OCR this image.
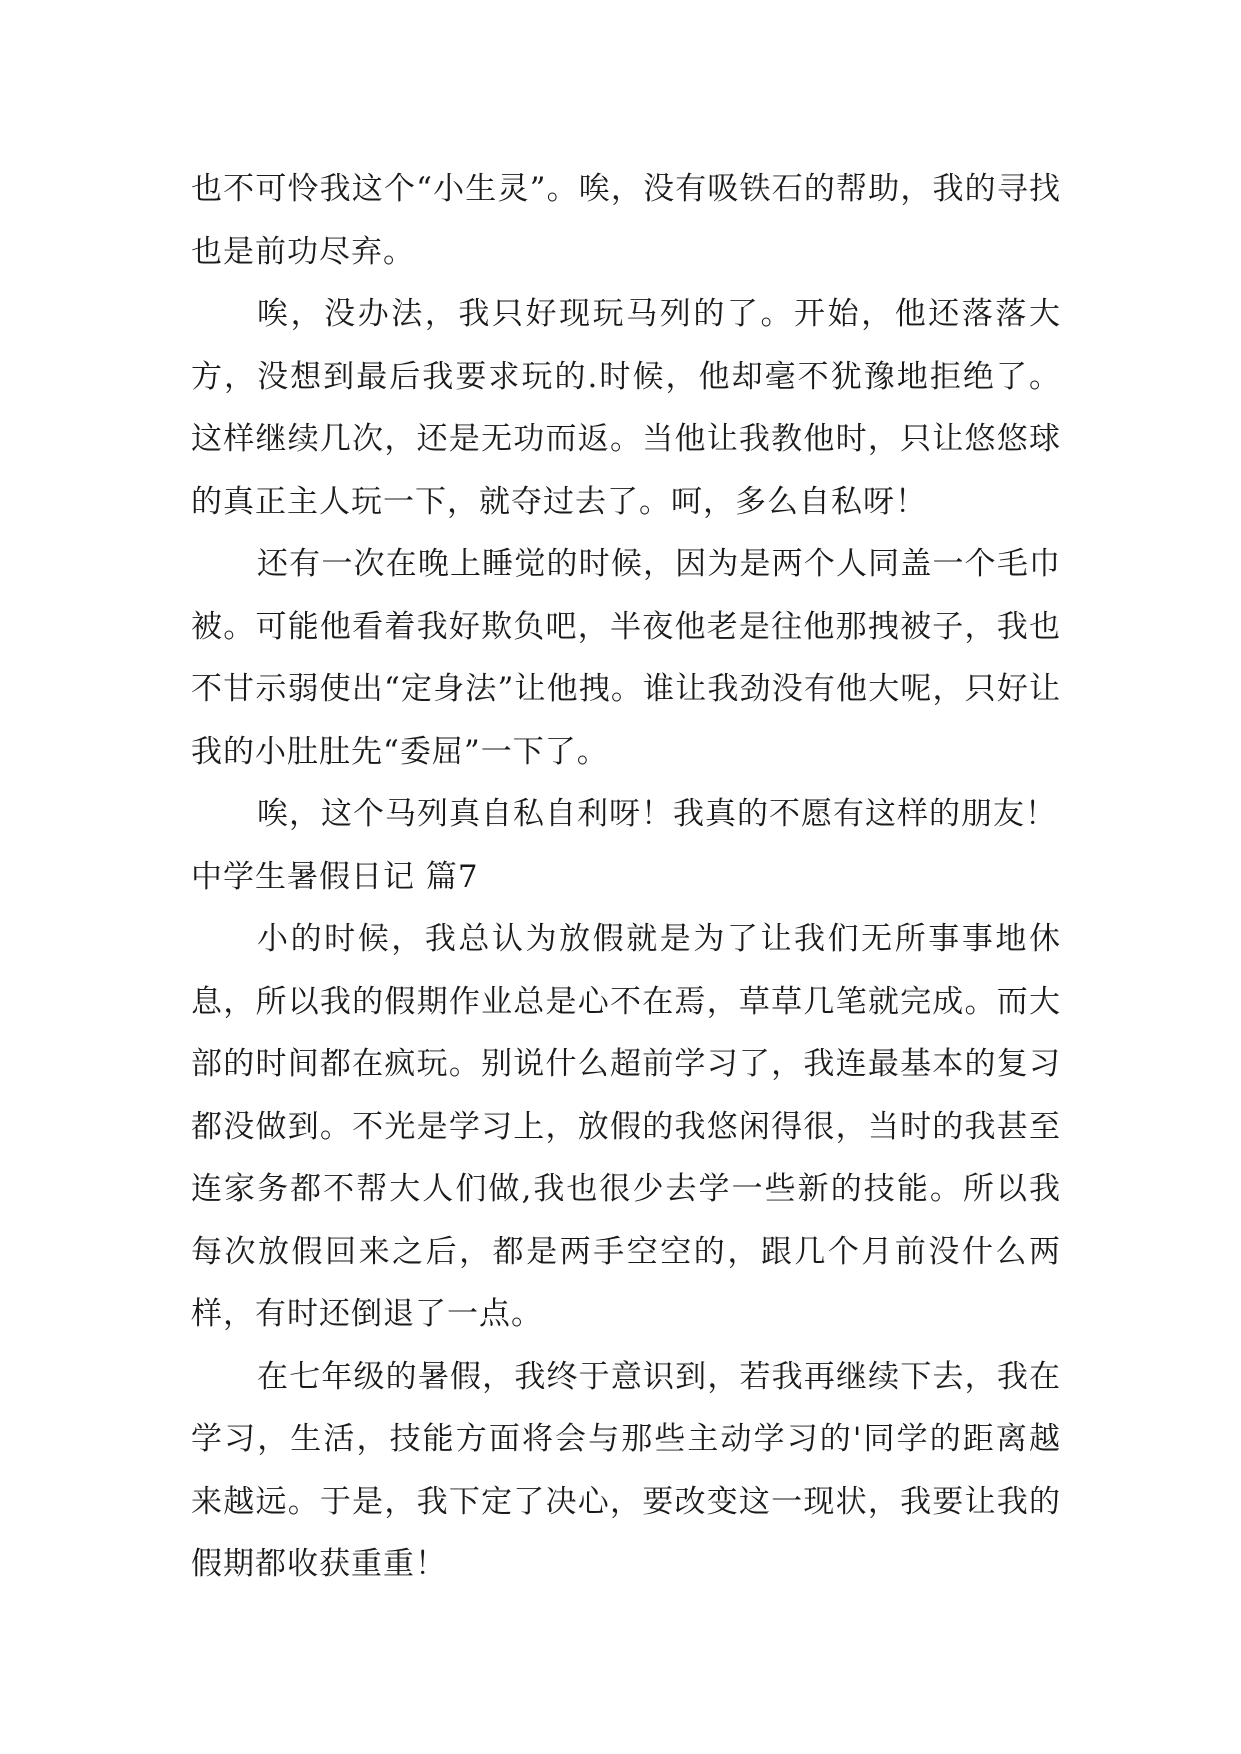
也不可怜我这个“小生灵”。唉，没有吸铁石的帮助，我的寻找也是前功尽弃。

唉，没办法，我只好现玩马列的了。开始，他还落落大方，没想到最后我要求玩的.时候，他却毫不犹豫地拒绝了。这样继续几次，还是无功而返。当他让我教他时，只让悠悠球的真正主人玩一下，就夺过去了。呵，多么自私呀！

还有一次在晚上睡觉的时候，因为是两个人同盖一个毛巾被。可能他看着我好欺负吧，半夜他老是往他那拽被子，我也不甘示弱使出“定身法”让他拽。谁让我劲没有他大呢，只好让我的小肚肚先“委屈”一下了。

唉，这个马列真自私自利呀！我真的不愿有这样的朋友！

中学生暑假日记 篇7

小的时候，我总认为放假就是为了让我们无所事事地休息，所以我的假期作业总是心不在焉，草草几笔就完成。而大部的时间都在疯玩。别说什么超前学习了，我连最基本的复习都没做到。不光是学习上，放假的我悠闲得很，当时的我甚至连家务都不帮大人们做,我也很少去学一些新的技能。所以我每次放假回来之后，都是两手空空的，跟几个月前没什么两样，有时还倒退了一点。

在七年级的暑假，我终于意识到，若我再继续下去，我在学习，生活，技能方面将会与那些主动学习的'同学的距离越来越远。于是，我下定了决心，要改变这一现状，我要让我的假期都收获重重！
